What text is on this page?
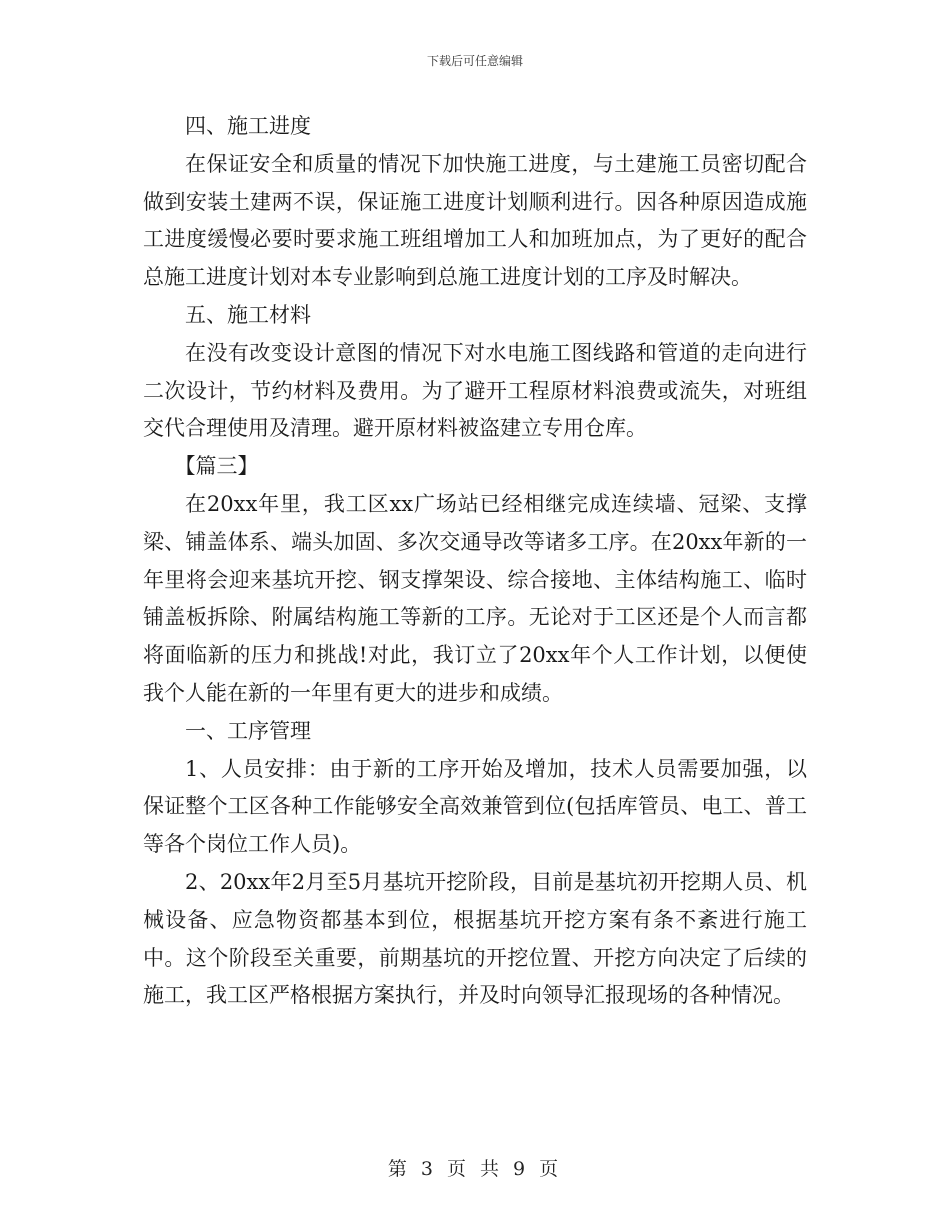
下载后可任意编辑

四、施工进度

在保证安全和质量的情况下加快施工进度，与土建施工员密切配合做到安装土建两不误，保证施工进度计划顺利进行。因各种原因造成施工进度缓慢必要时要求施工班组增加工人和加班加点，为了更好的配合总施工进度计划对本专业影响到总施工进度计划的工序及时解决。

五、施工材料

在没有改变设计意图的情况下对水电施工图线路和管道的走向进行二次设计，节约材料及费用。为了避开工程原材料浪费或流失，对班组交代合理使用及清理。避开原材料被盗建立专用仓库。

【篇三】

在20xx年里，我工区xx广场站已经相继完成连续墙、冠梁、支撑梁、铺盖体系、端头加固、多次交通导改等诸多工序。在20xx年新的一年里将会迎来基坑开挖、钢支撑架设、综合接地、主体结构施工、临时铺盖板拆除、附属结构施工等新的工序。无论对于工区还是个人而言都将面临新的压力和挑战!对此，我订立了20xx年个人工作计划，以便使我个人能在新的一年里有更大的进步和成绩。

一、工序管理

1、人员安排：由于新的工序开始及增加，技术人员需要加强，以保证整个工区各种工作能够安全高效兼管到位(包括库管员、电工、普工等各个岗位工作人员)。

2、20xx年2月至5月基坑开挖阶段，目前是基坑初开挖期人员、机械设备、应急物资都基本到位，根据基坑开挖方案有条不紊进行施工中。这个阶段至关重要，前期基坑的开挖位置、开挖方向决定了后续的施工，我工区严格根据方案执行，并及时向领导汇报现场的各种情况。

第 3 页 共 9 页
